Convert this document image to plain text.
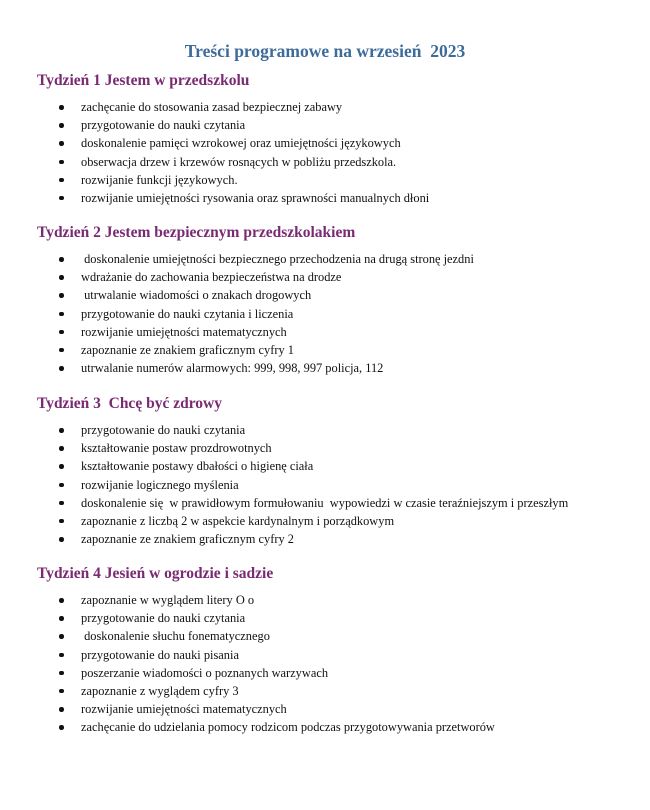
Treści programowe na wrzesień  2023
Tydzień 1 Jestem w przedszkolu
zachęcanie do stosowania zasad bezpiecznej zabawy
przygotowanie do nauki czytania
doskonalenie pamięci wzrokowej oraz umiejętności językowych
obserwacja drzew i krzewów rosnących w pobliżu przedszkola.
rozwijanie funkcji językowych.
rozwijanie umiejętności rysowania oraz sprawności manualnych dłoni
Tydzień 2 Jestem bezpiecznym przedszkolakiem
doskonalenie umiejętności bezpiecznego przechodzenia na drugą stronę jezdni
wdrażanie do zachowania bezpieczeństwa na drodze
utrwalanie wiadomości o znakach drogowych
przygotowanie do nauki czytania i liczenia
rozwijanie umiejętności matematycznych
zapoznanie ze znakiem graficznym cyfry 1
utrwalanie numerów alarmowych: 999, 998, 997 policja, 112
Tydzień 3  Chcę być zdrowy
przygotowanie do nauki czytania
kształtowanie postaw prozdrowotnych
kształtowanie postawy dbałości o higienę ciała
rozwijanie logicznego myślenia
doskonalenie się  w prawidłowym formułowaniu  wypowiedzi w czasie teraźniejszym i przeszłym
zapoznanie z liczbą 2 w aspekcie kardynalnym i porządkowym
zapoznanie ze znakiem graficznym cyfry 2
Tydzień 4 Jesień w ogrodzie i sadzie
zapoznanie w wyglądem litery O o
przygotowanie do nauki czytania
doskonalenie słuchu fonematycznego
przygotowanie do nauki pisania
poszerzanie wiadomości o poznanych warzywach
zapoznanie z wyglądem cyfry 3
rozwijanie umiejętności matematycznych
zachęcanie do udzielania pomocy rodzicom podczas przygotowywania przetworów
